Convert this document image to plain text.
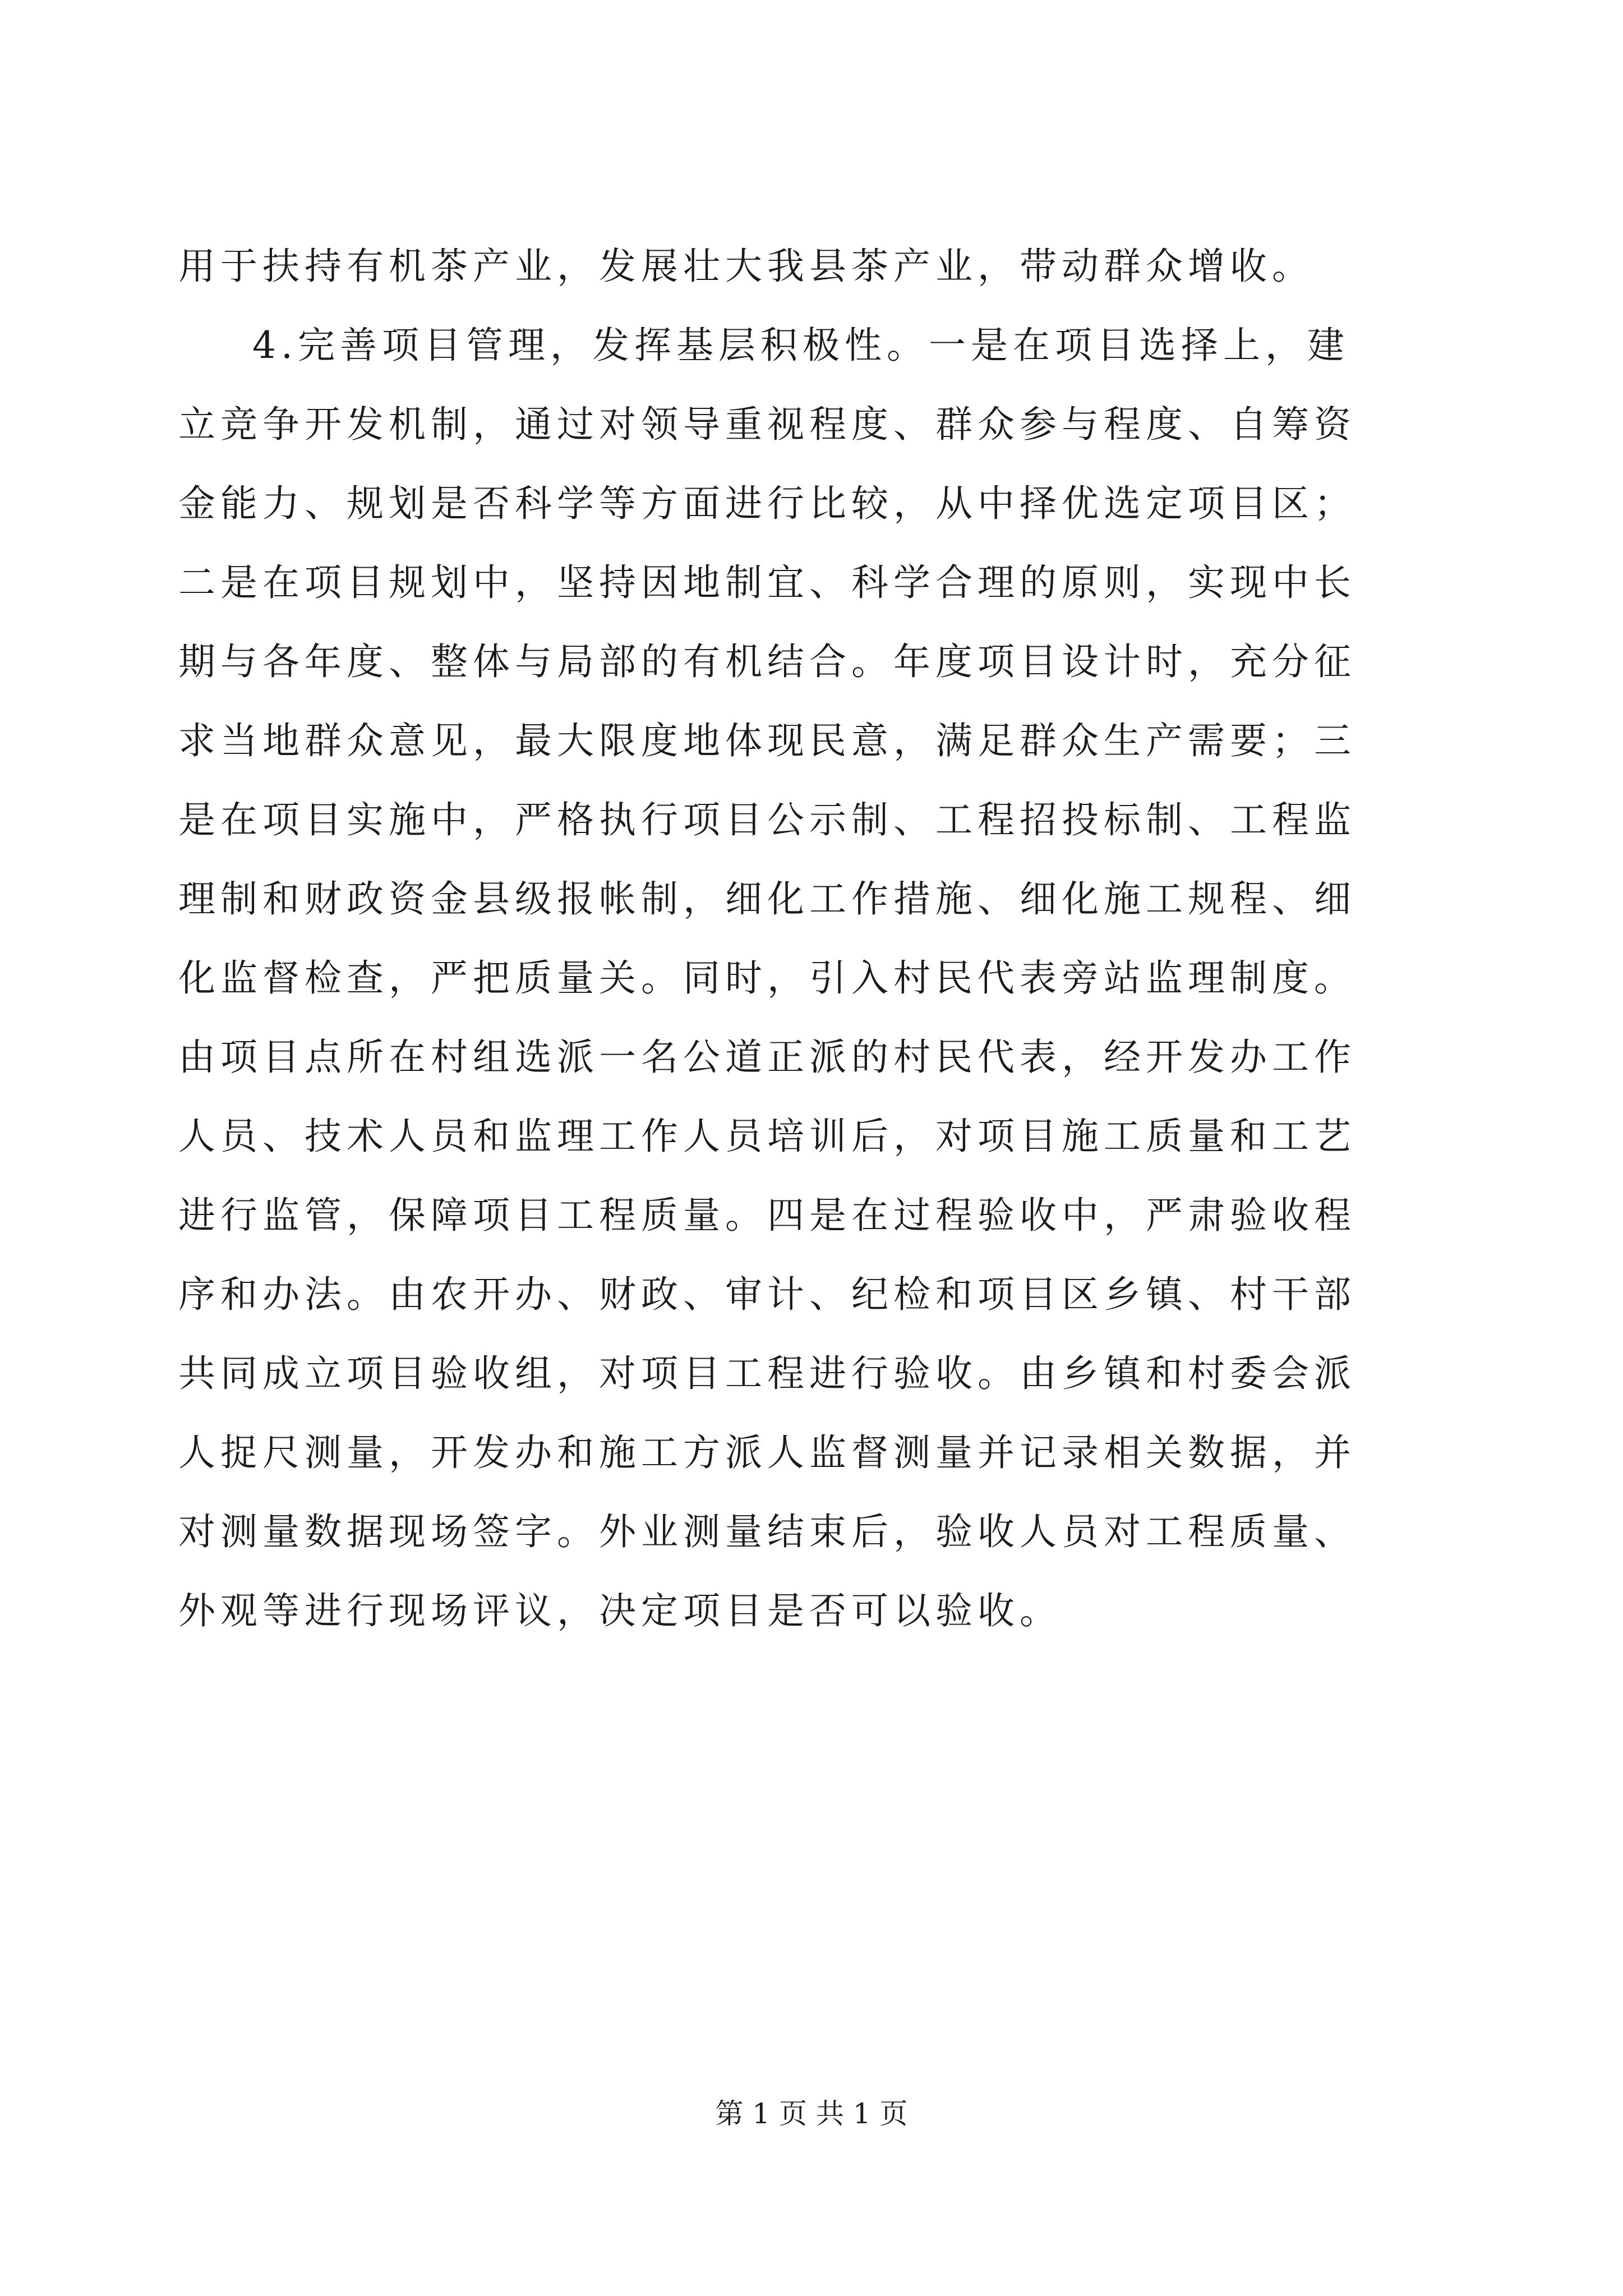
用于扶持有机茶产业，发展壮大我县茶产业，带动群众增收。
4.完善项目管理，发挥基层积极性。一是在项目选择上，建
立竞争开发机制，通过对领导重视程度、群众参与程度、自筹资
金能力、规划是否科学等方面进行比较，从中择优选定项目区；
二是在项目规划中，坚持因地制宜、科学合理的原则，实现中长
期与各年度、整体与局部的有机结合。年度项目设计时，充分征
求当地群众意见，最大限度地体现民意，满足群众生产需要；三
是在项目实施中，严格执行项目公示制、工程招投标制、工程监
理制和财政资金县级报帐制，细化工作措施、细化施工规程、细
化监督检查，严把质量关。同时，引入村民代表旁站监理制度。
由项目点所在村组选派一名公道正派的村民代表，经开发办工作
人员、技术人员和监理工作人员培训后，对项目施工质量和工艺
进行监管，保障项目工程质量。四是在过程验收中，严肃验收程
序和办法。由农开办、财政、审计、纪检和项目区乡镇、村干部
共同成立项目验收组，对项目工程进行验收。由乡镇和村委会派
人捉尺测量，开发办和施工方派人监督测量并记录相关数据，并
对测量数据现场签字。外业测量结束后，验收人员对工程质量、
外观等进行现场评议，决定项目是否可以验收。
第 1 页 共 1 页
